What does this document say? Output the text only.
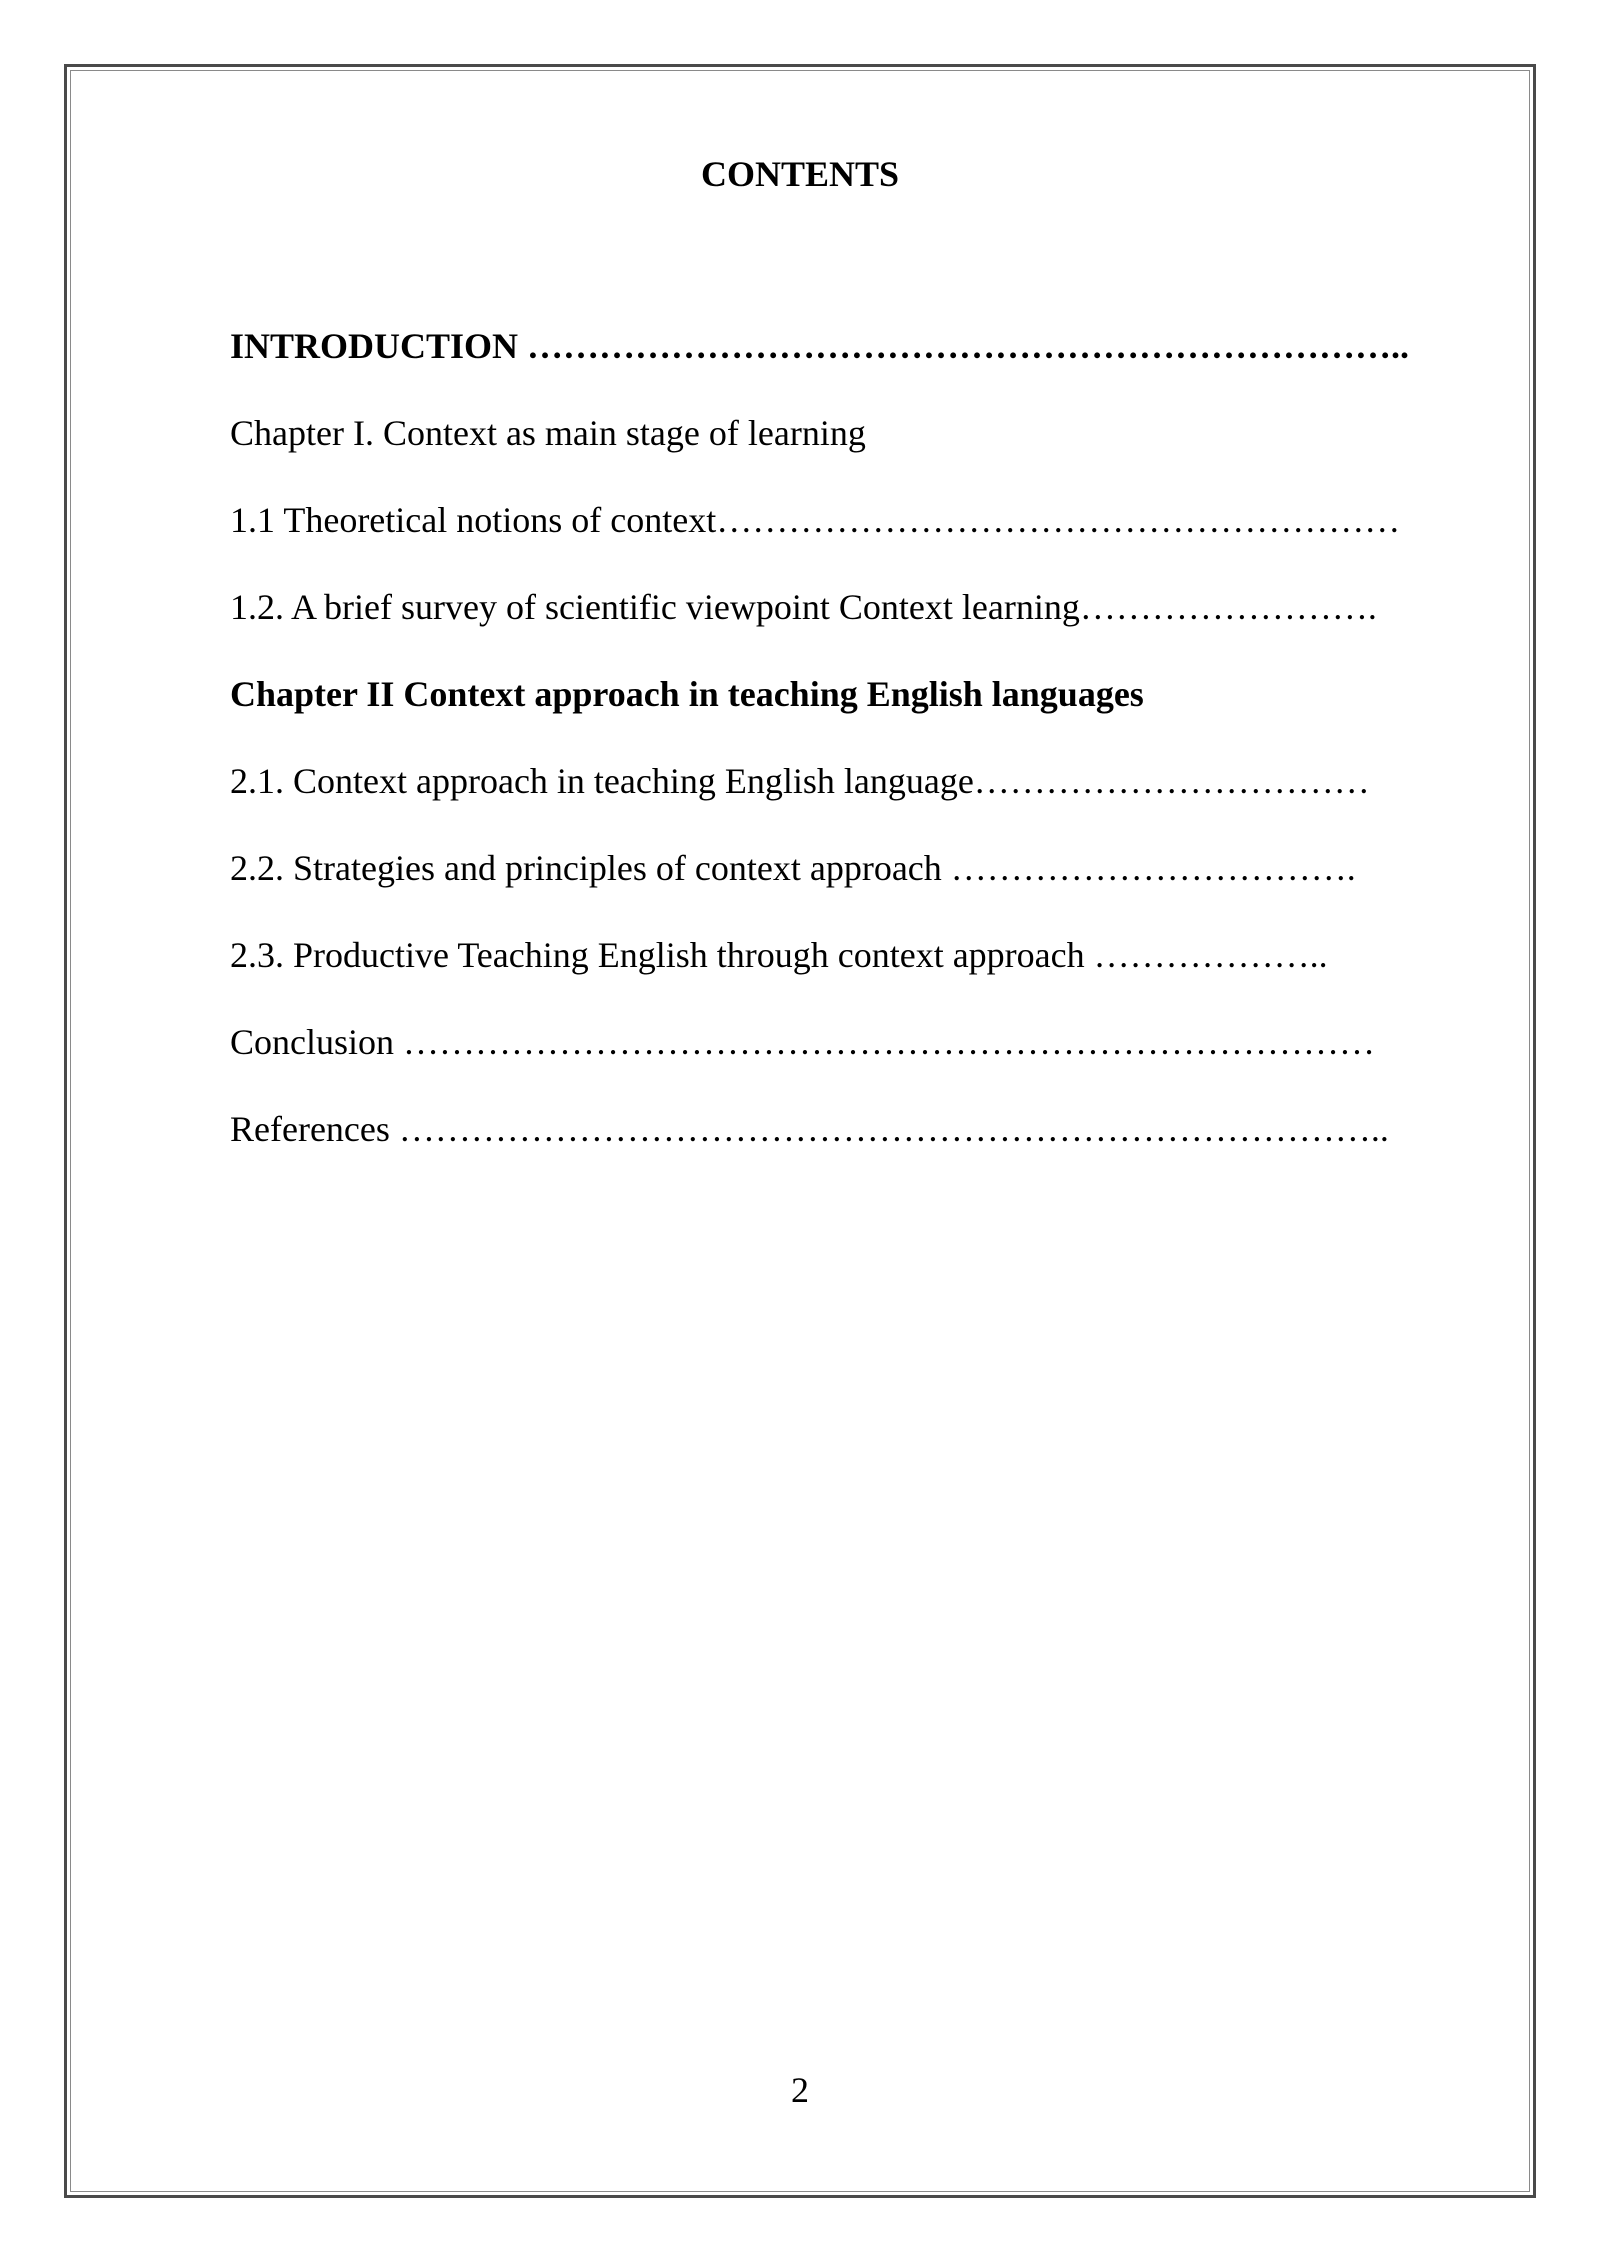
CONTENTS
INTRODUCTION ………………………………………………………………..
Chapter I. Context as main stage of learning
1.1 Theoretical notions of context…………………………………………………
1.2. A brief survey of scientific viewpoint Context learning…………………….
Chapter II Context approach in teaching English languages
2.1. Context approach in teaching English language……………………………
2.2. Strategies and principles of context approach …………………………….
2.3. Productive Teaching English through context approach ………………..
Conclusion ………………………………………………………………………
References ………………………………………………………………………..
2
